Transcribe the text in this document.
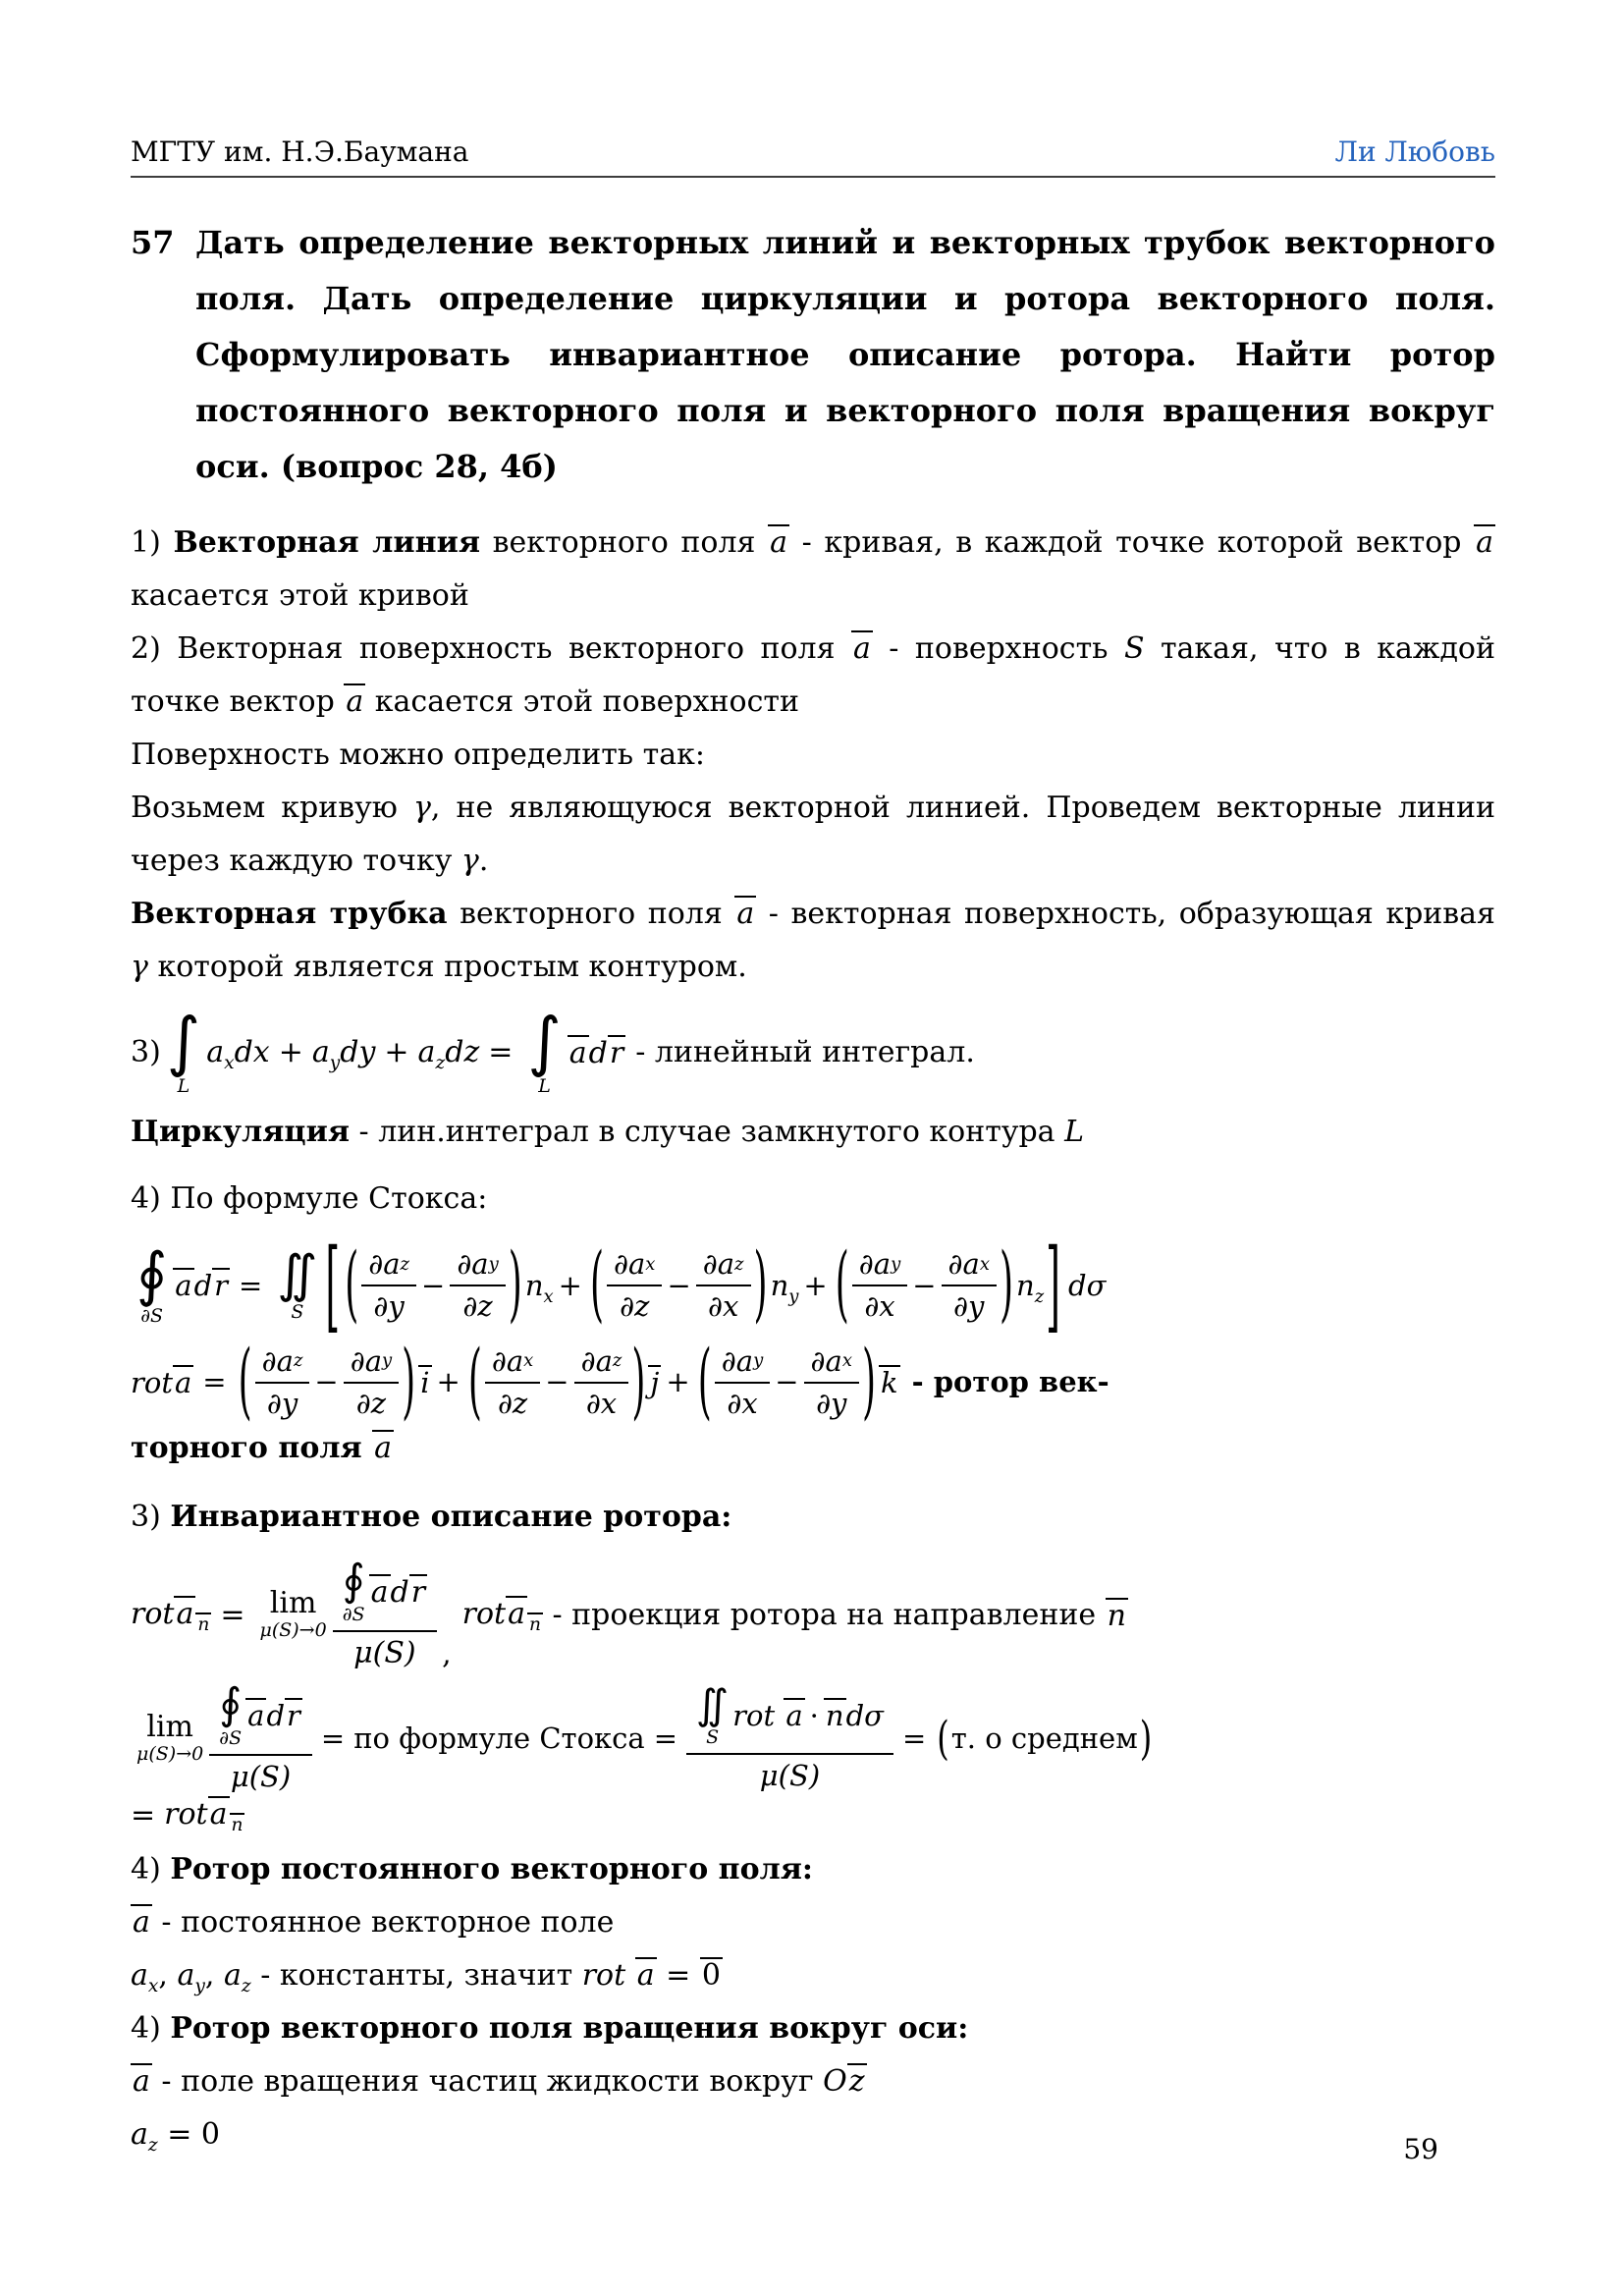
МГТУ им. Н.Э.Баумана	Ли Любовь
57 Дать определение векторных линий и векторных трубок векторного поля. Дать определение циркуляции и ротора векторного поля. Сформулировать инвариантное описание ротора. Найти ротор постоянного векторного поля и векторного поля вращения вокруг оси. (вопрос 28, 4б)

1) Векторная линия векторного поля a - кривая, в каждой точке которой вектор a касается этой кривой

2) Векторная поверхность векторного поля a - поверхность S такая, что в каждой точке вектор a касается этой поверхности

Поверхность можно определить так:

Возьмем кривую γ, не являющуюся векторной линией. Проведем векторные линии через каждую точку γ.

Векторная трубка векторного поля a - векторная поверхность, образующая кривая γ которой является простым контуром.

3) ∫
L
$a_xdx + a_ydy + a_zdz$ = ∫
L
adr - линейный интеграл.

Циркуляция - лин.интеграл в случае замкнутого контура L

4) По формуле Стокса:

∮
∂S
adr = ∬
S [ ( $\frac{\text{∂a z}}{\partial y} - \frac{\text{∂a y}}{\partial z}$ ) $n_x$ + ( $\frac{\text{∂a x}}{\partial z} - \frac{\text{∂a z}}{\partial x}$ ) $n_y$ + ( $\frac{\text{∂a y}}{\partial x} - \frac{\text{∂a x}}{\partial y}$ ) $n_z$ ] dσ
rota = ( $\frac{\text{∂a z}}{\partial y} - \frac{\text{∂a y}}{\partial z}$ ) i + ( $\frac{\text{∂a x}}{\partial z} - \frac{\text{∂a z}}{\partial x}$ ) j + ( $\frac{\text{∂a y}}{\partial x} - \frac{\text{∂a x}}{\partial y}$ ) k - ротор век-

торного поля a

3) Инвариантное описание ротора:

rota $_n$ = lim
μ(S)→0 ∮
∂S
adr
μ(S) ,
rota $_n$ - проекция ротора на направление n
lim
μ(S)→0 ∮
∂S
adr
μ(S) = по формуле Стокса = ∬
S
rot a · ndσ
μ(S) = ( т. о среднем )
= rota $_n$

4) Ротор постоянного векторного поля:

a - постоянное векторное поле

$a_x$, $a_y$, $a_z$ - константы, значит rot a = 0

4) Ротор векторного поля вращения вокруг оси:

a - поле вращения частиц жидкости вокруг Oz

$a_z = 0$	59
